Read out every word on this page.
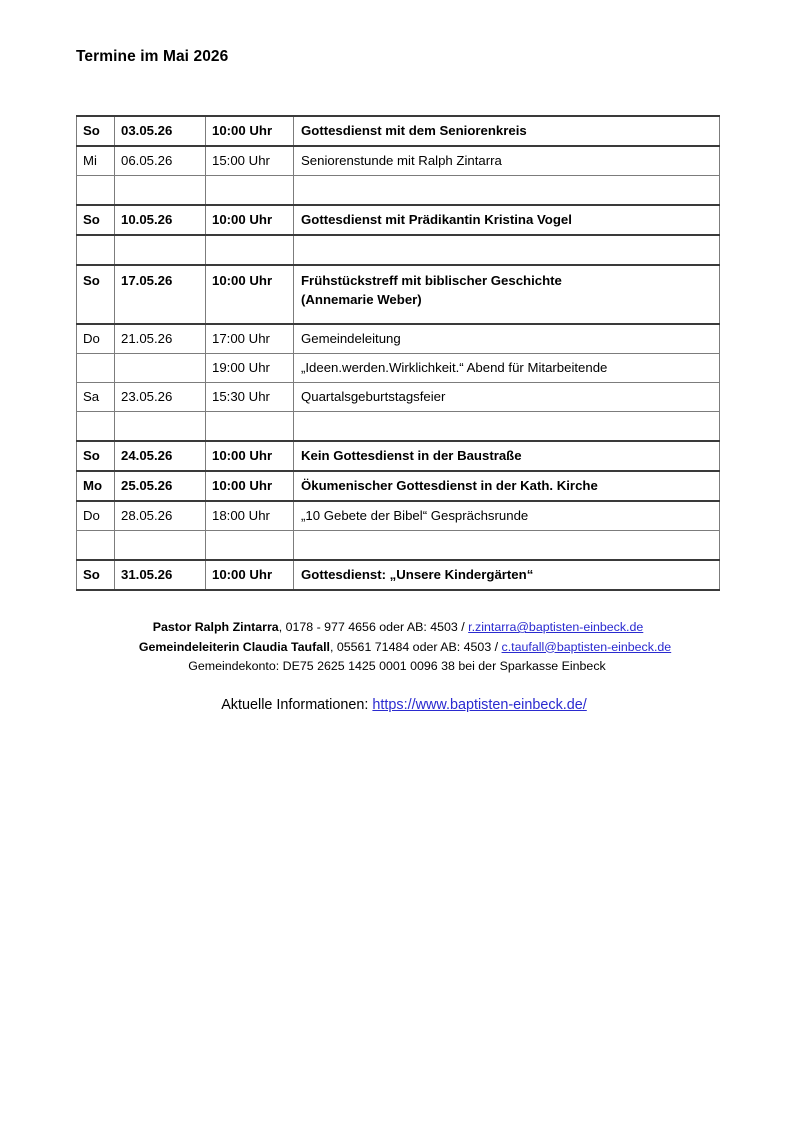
Termine im Mai 2026
So	03.05.26	10:00 Uhr	Gottesdienst mit dem Seniorenkreis

Mi	06.05.26	15:00 Uhr	Seniorenstunde mit Ralph Zintarra

So	10.05.26	10:00 Uhr	Gottesdienst mit Prädikantin Kristina Vogel

So	17.05.26	10:00 Uhr	Frühstückstreff mit biblischer Geschichte
(Annemarie Weber)

Do	21.05.26	17:00 Uhr	Gemeindeleitung

		19:00 Uhr	„Ideen.werden.Wirklichkeit.“ Abend für Mitarbeitende

Sa	23.05.26	15:30 Uhr	Quartalsgeburtstagsfeier

So	24.05.26	10:00 Uhr	Kein Gottesdienst in der Baustraße

Mo	25.05.26	10:00 Uhr	Ökumenischer Gottesdienst in der Kath. Kirche

Do	28.05.26	18:00 Uhr	„10 Gebete der Bibel“ Gesprächsrunde

So	31.05.26	10:00 Uhr	Gottesdienst: „Unsere Kindergärten“
Pastor Ralph Zintarra, 0178 - 977 4656 oder AB: 4503 / r.zintarra@baptisten-einbeck.de
Gemeindeleiterin Claudia Taufall, 05561 71484 oder AB: 4503 / c.taufall@baptisten-einbeck.de
Gemeindekonto: DE75 2625 1425 0001 0096 38 bei der Sparkasse Einbeck
Aktuelle Informationen: https://www.baptisten-einbeck.de/
